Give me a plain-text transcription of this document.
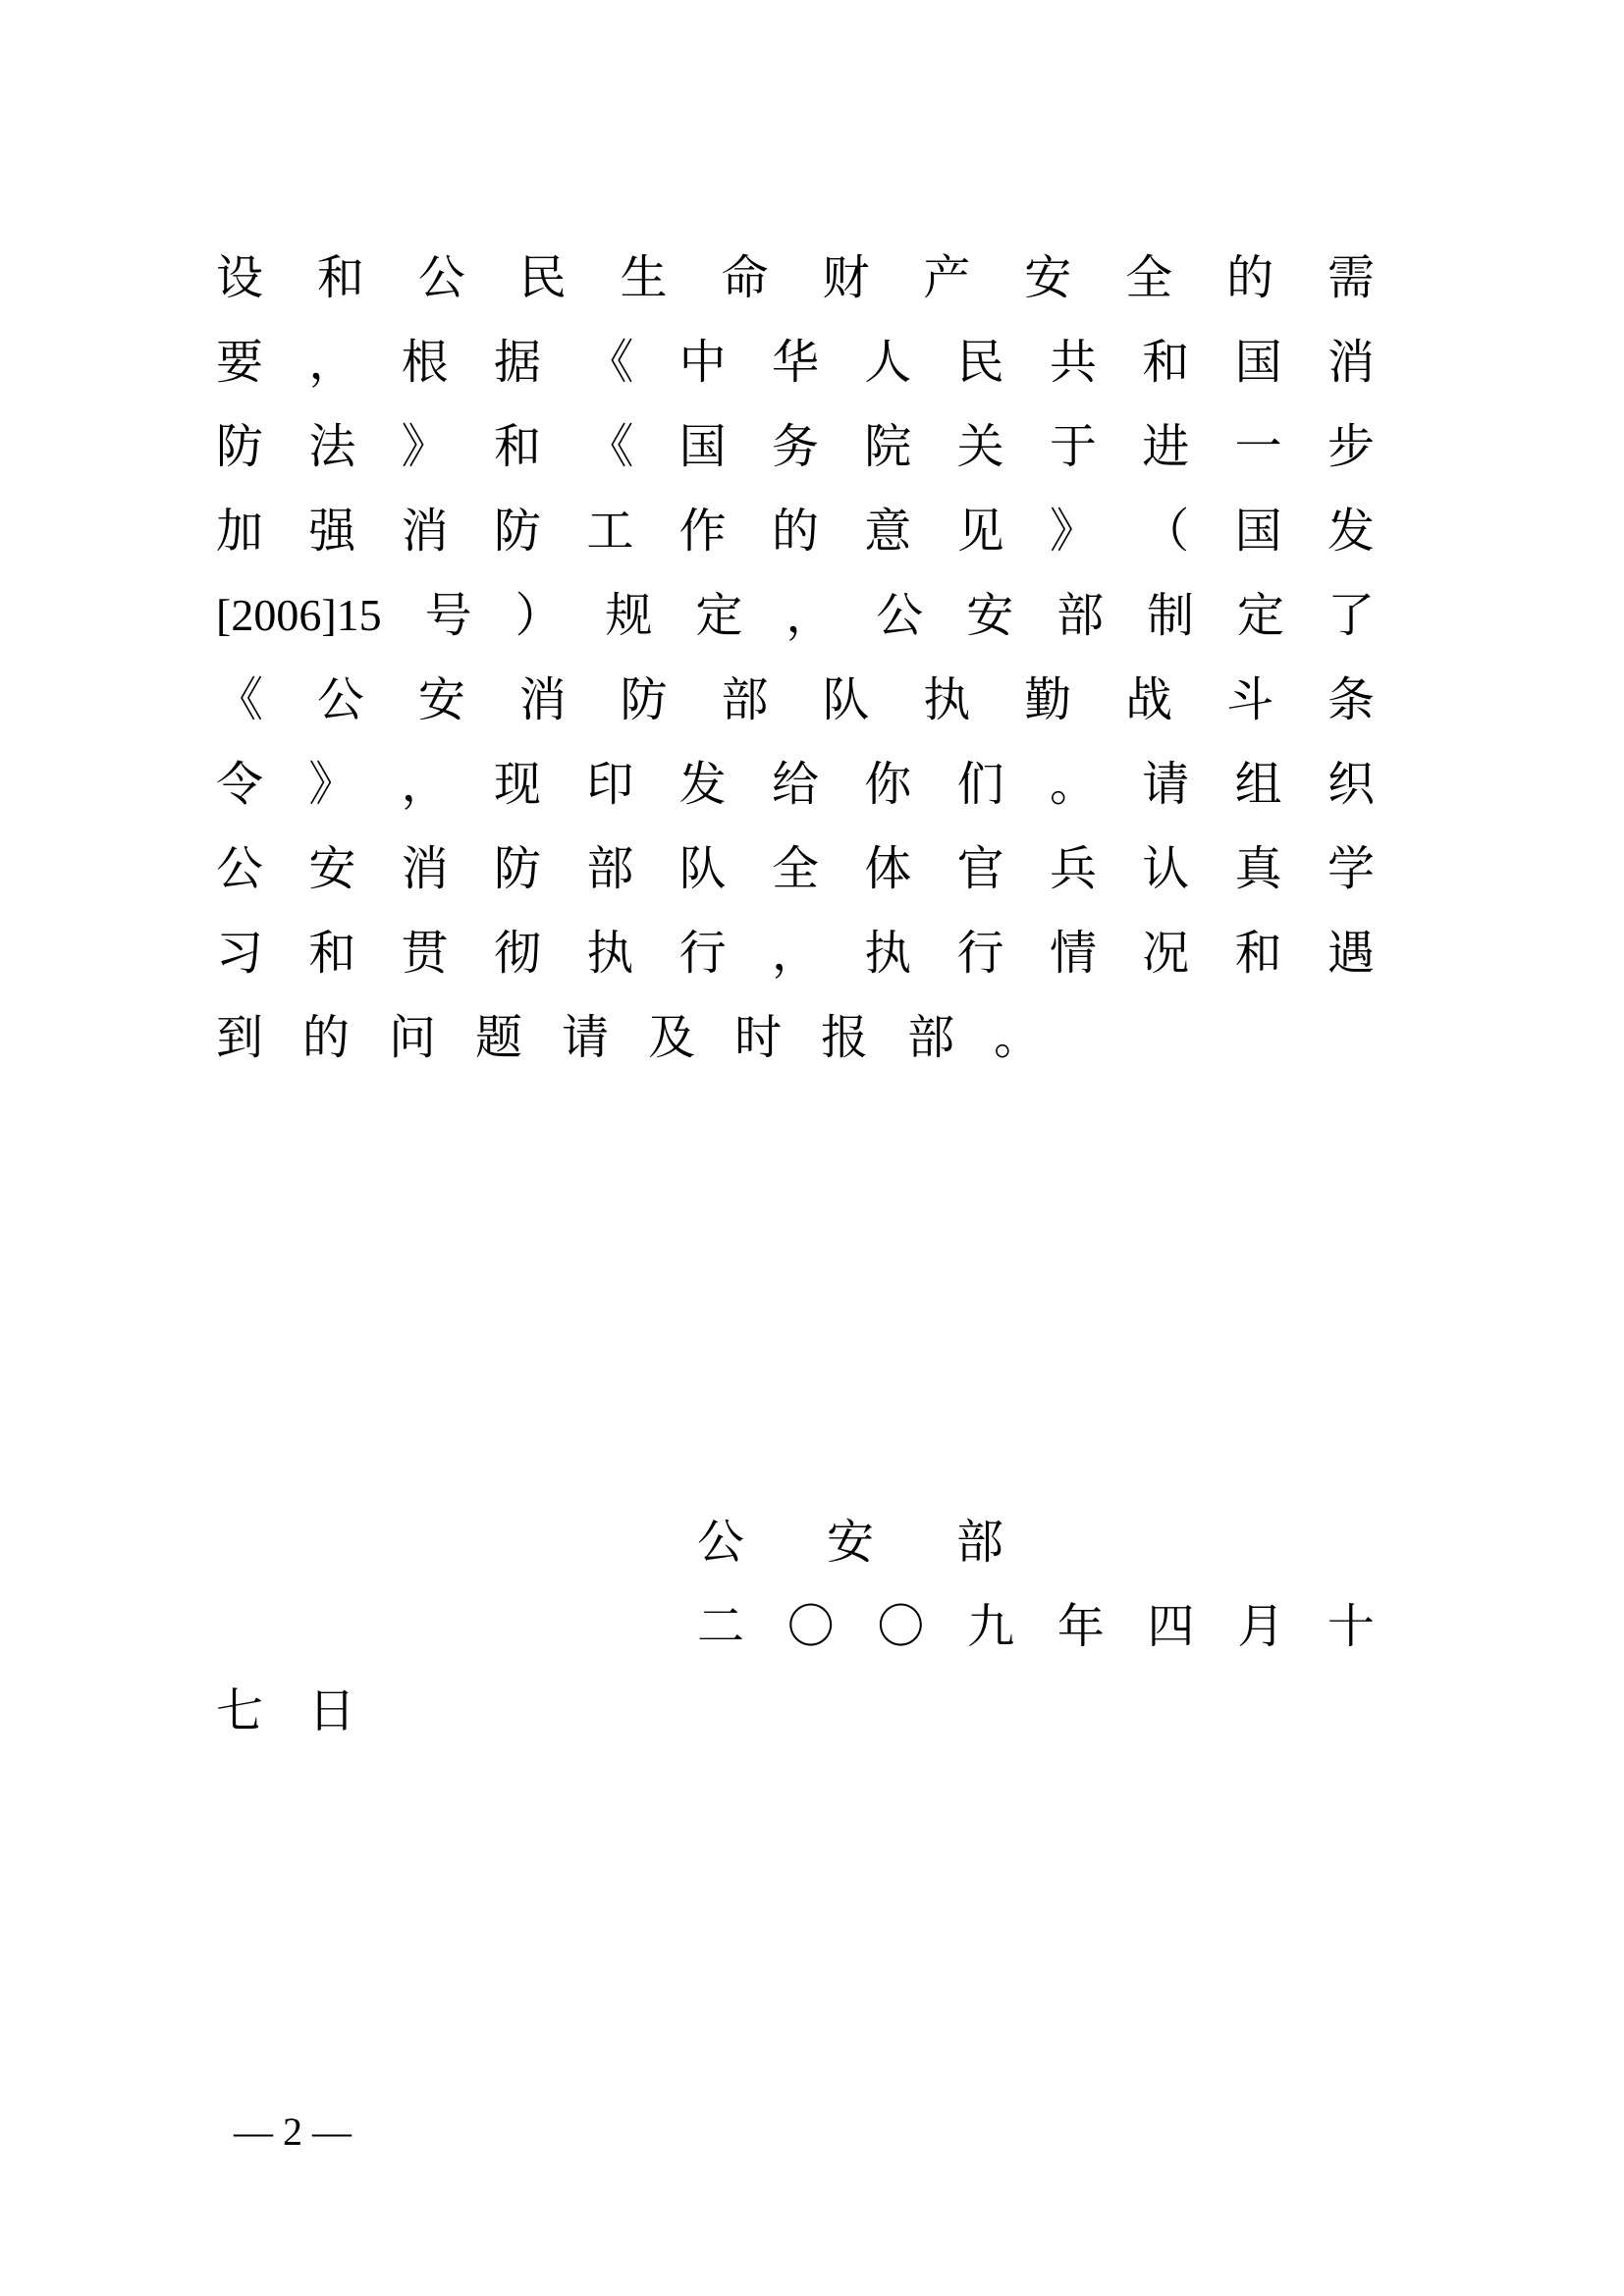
设 和 公 民 生 命 财 产 安 全 的 需
要 ， 根 据 《 中 华 人 民 共 和 国 消
防 法 》 和 《 国 务 院 关 于 进 一 步
加 强 消 防 工 作 的 意 见 》 （ 国 发
[2006]15 号 ） 规 定 ， 公 安 部 制 定 了
《 公 安 消 防 部 队 执 勤 战 斗 条
令 》 ， 现 印 发 给 你 们 。 请 组 织
公 安 消 防 部 队 全 体 官 兵 认 真 学
习 和 贯 彻 执 行 ， 执 行 情 况 和 遇
到 的 问 题 请 及 时 报 部 。
公 安 部
二 〇 〇 九 年 四 月 十
七 日
— 2 —
